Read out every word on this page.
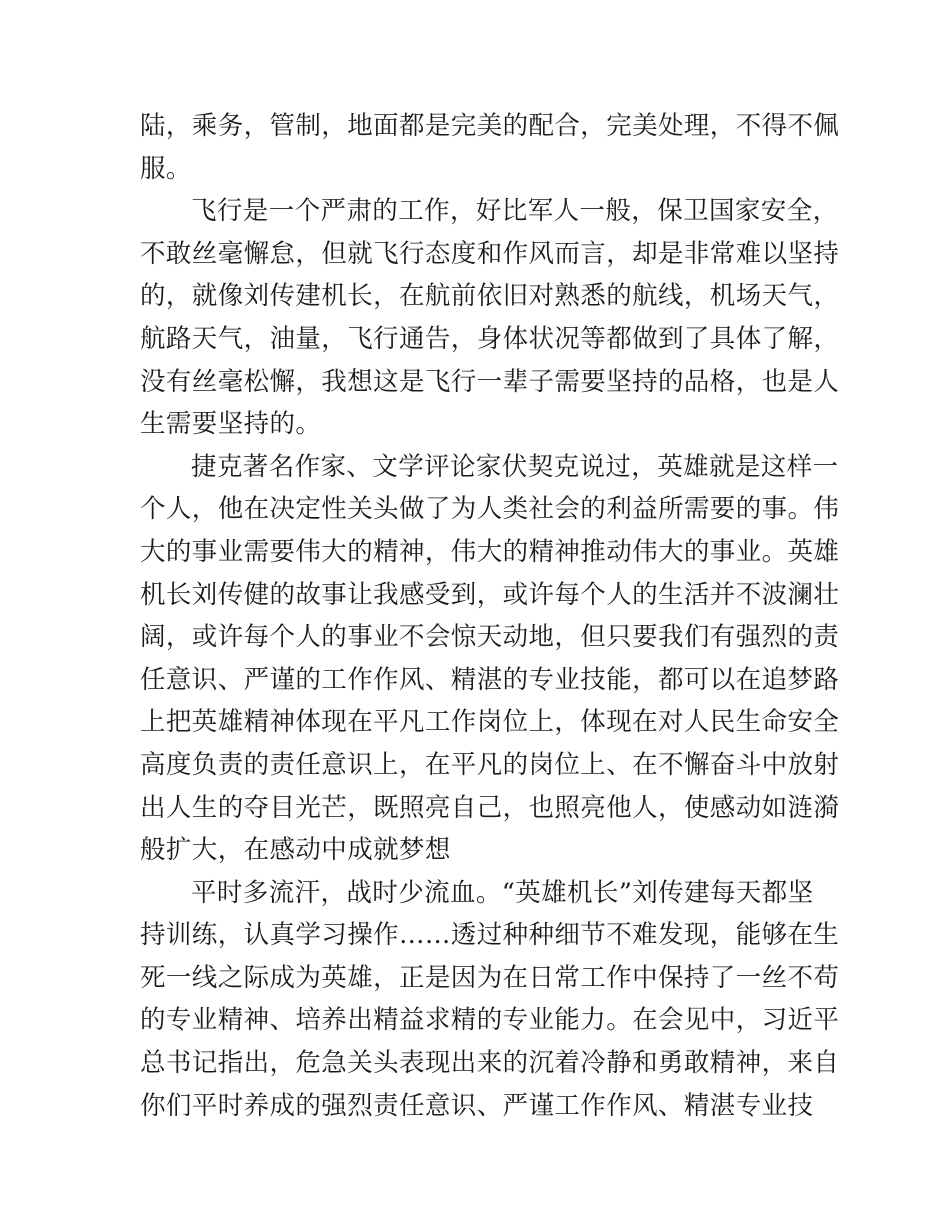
陆，乘务，管制，地面都是完美的配合，完美处理，不得不佩
服。

飞行是一个严肃的工作，好比军人一般，保卫国家安全，
不敢丝毫懈怠，但就飞行态度和作风而言，却是非常难以坚持
的，就像刘传建机长，在航前依旧对熟悉的航线，机场天气，
航路天气，油量，飞行通告，身体状况等都做到了具体了解，
没有丝毫松懈，我想这是飞行一辈子需要坚持的品格，也是人
生需要坚持的。

捷克著名作家、文学评论家伏契克说过，英雄就是这样一
个人，他在决定性关头做了为人类社会的利益所需要的事。伟
大的事业需要伟大的精神，伟大的精神推动伟大的事业。英雄
机长刘传健的故事让我感受到，或许每个人的生活并不波澜壮
阔，或许每个人的事业不会惊天动地，但只要我们有强烈的责
任意识、严谨的工作作风、精湛的专业技能，都可以在追梦路
上把英雄精神体现在平凡工作岗位上，体现在对人民生命安全
高度负责的责任意识上，在平凡的岗位上、在不懈奋斗中放射
出人生的夺目光芒，既照亮自己，也照亮他人，使感动如涟漪
般扩大，在感动中成就梦想

平时多流汗，战时少流血。“英雄机长”刘传建每天都坚
持训练，认真学习操作……透过种种细节不难发现，能够在生
死一线之际成为英雄，正是因为在日常工作中保持了一丝不苟
的专业精神、培养出精益求精的专业能力。在会见中，习近平
总书记指出，危急关头表现出来的沉着冷静和勇敢精神，来自
你们平时养成的强烈责任意识、严谨工作作风、精湛专业技
